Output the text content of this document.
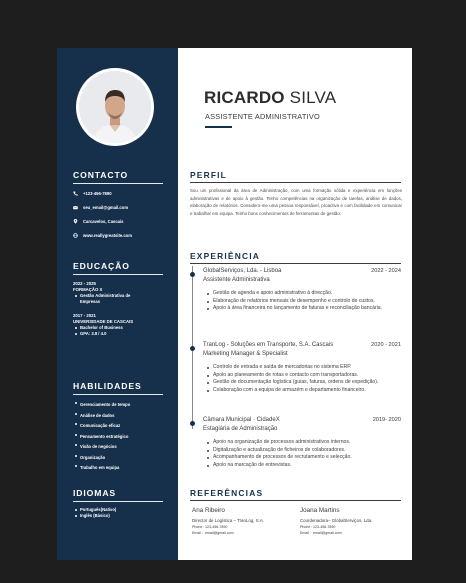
CONTACTO
+123-456-7890
seu_email@gmail.com
Carcavelos, Cascais
www.reallygreatsite.com
EDUCAÇÃO
2022 - 2025
FORMAÇÃO X
Gestão Administrativa de Empresas
2017 - 2021
UNIVERSIDADE DE CASCAIS
Bachelor of Business
GPA: 3.8 / 4.0
HABILIDADES
Gerenciamento de tempo
Análise de dados
Comunicação eficaz
Pensamento estratégico
Visão de negócios
Organização
Trabalho em equipa
IDIOMAS
Português(Nativo)
Inglês (Básico)
RICARDO SILVA
ASSISTENTE ADMINISTRATIVO
PERFIL
Sou um profissional da área de Administração, com uma formação sólida e experiência em funções administrativas e de apoio à gestão. Tenho competências na organização de tarefas, análise de dados, elaboração de relatórios. Considero-me uma pessoa responsável, proactiva e com facilidade em comunicar e trabalhar em equipa. Tenho bons conhecimentos de ferramentas de gestão.
EXPERIÊNCIA
GlobalServiços, Lda. - Lisboa	2022 - 2024
Assistente Administrativa
Gestão de agenda e apoio administrativo à direcção.
Elaboração de relatórios mensais de desempenho e controlo de custos.
Apoio à área financeira no lançamento de faturas e reconciliação bancária.
TranLog - Soluções em Transporte, S.A. Cascais	2020 - 2021
Marketing Manager & Specialist
Controlo de entrada e saída de mercadorias no sistema ERP.
Apoio ao planeamento de rotas e contacto com transportadoras.
Gestão de documentação logística (guias, faturas, ordens de expedição).
Colaboração com a equipa de armazém e departamento financeiro.
Câmara Municipal · CidadeX	2019- 2020
Estagiária de Administração
Apoio na organização de processos administrativos internos.
Digitalização e actualização de ficheiros de colaboradores.
Acompanhamento de processos de recrutamento e selecção.
Apoio na marcação de entrevistas.
REFERÊNCIAS
Ana Ribeiro
Director de Logística – TranLog, S.A.
Phone : 123-456-7890
Email : email@gmail.com
Joana Martins
Coordenadora– GlobalServiços, Lda.
Phone : 123-456-7890
Email : email@gmail.com
